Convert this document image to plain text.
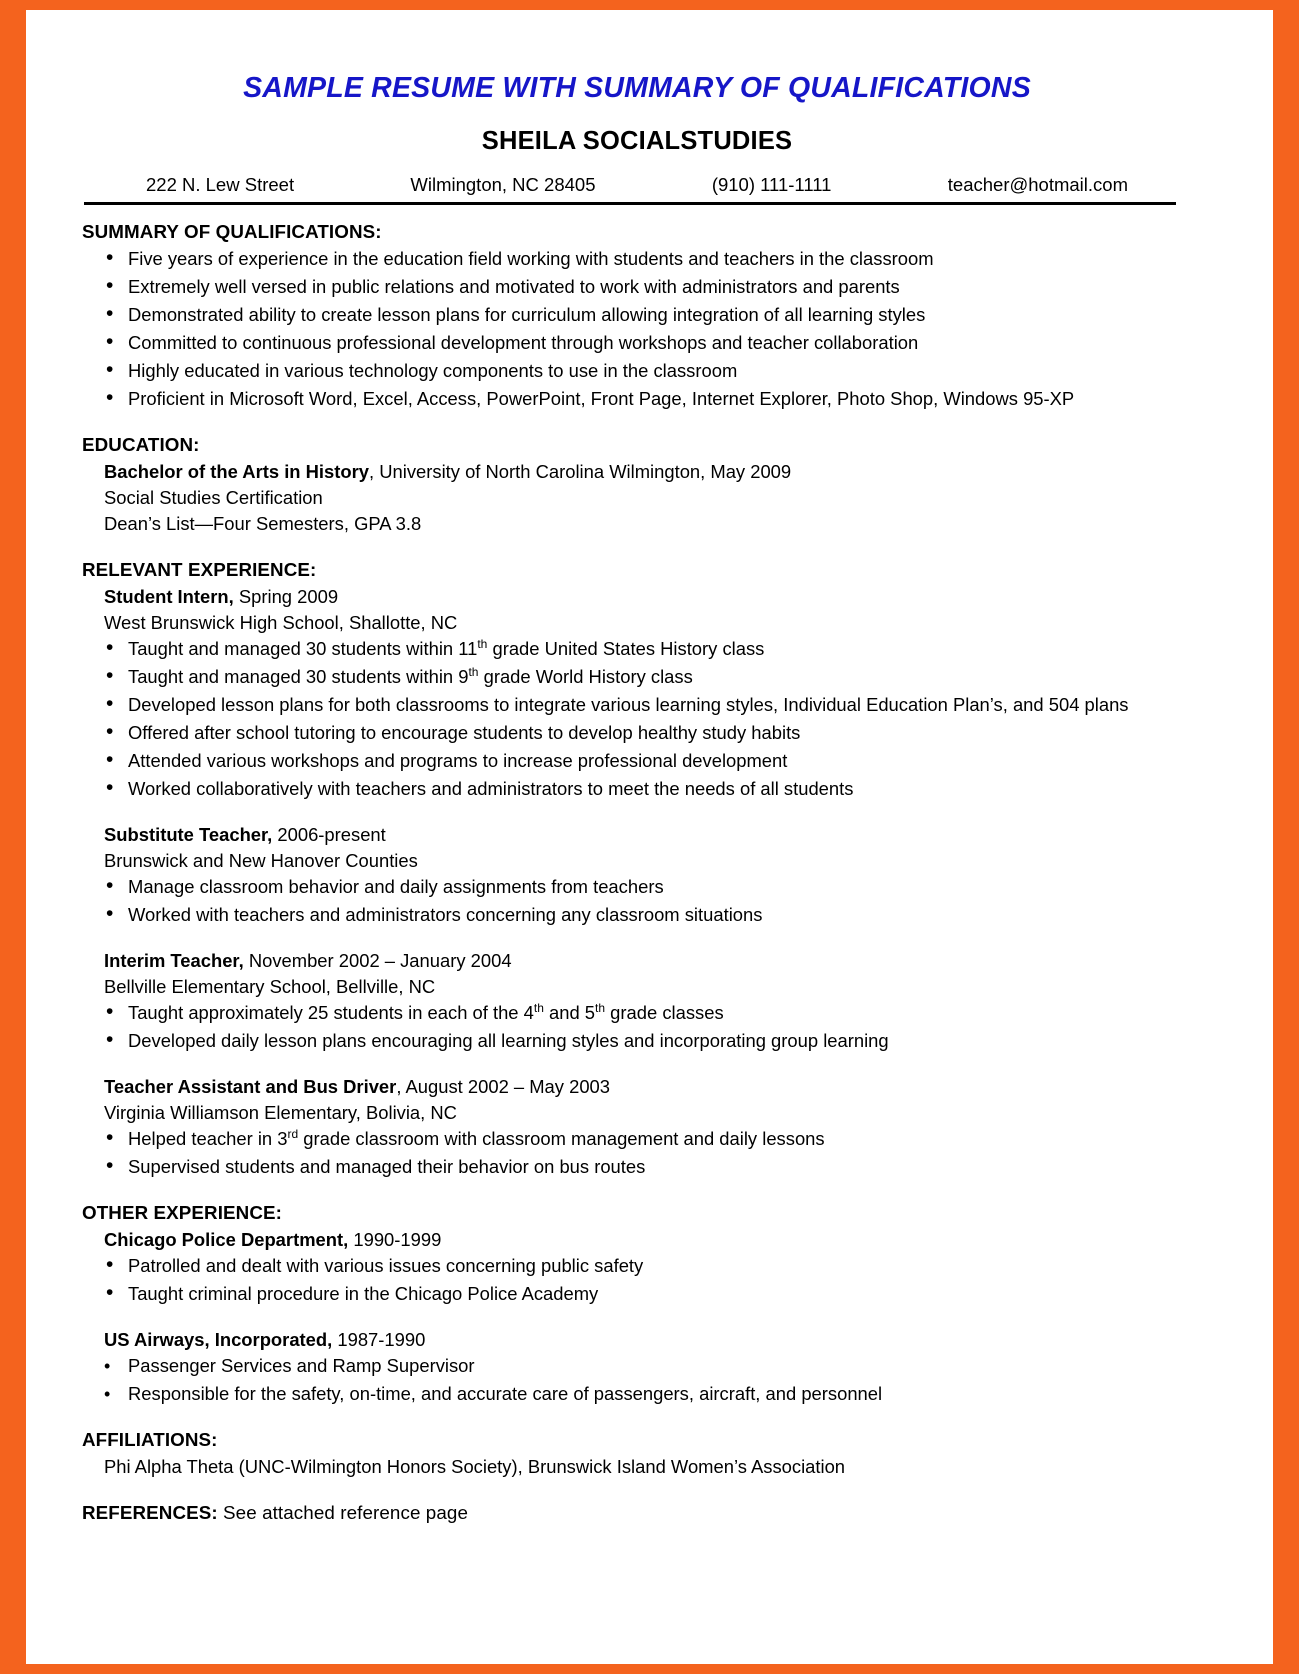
SAMPLE RESUME WITH SUMMARY OF QUALIFICATIONS
SHEILA SOCIALSTUDIES
222 N. Lew Street	Wilmington, NC 28405	(910) 111-1111	teacher@hotmail.com
SUMMARY OF QUALIFICATIONS:
• Five years of experience in the education field working with students and teachers in the classroom
• Extremely well versed in public relations and motivated to work with administrators and parents
• Demonstrated ability to create lesson plans for curriculum allowing integration of all learning styles
• Committed to continuous professional development through workshops and teacher collaboration
• Highly educated in various technology components to use in the classroom
• Proficient in Microsoft Word, Excel, Access, PowerPoint, Front Page, Internet Explorer, Photo Shop, Windows 95-XP
EDUCATION:
Bachelor of the Arts in History, University of North Carolina Wilmington, May 2009
Social Studies Certification
Dean’s List—Four Semesters, GPA 3.8
RELEVANT EXPERIENCE:
Student Intern, Spring 2009
West Brunswick High School, Shallotte, NC
• Taught and managed 30 students within 11th grade United States History class
• Taught and managed 30 students within 9th grade World History class
• Developed lesson plans for both classrooms to integrate various learning styles, Individual Education Plan’s, and 504 plans
• Offered after school tutoring to encourage students to develop healthy study habits
• Attended various workshops and programs to increase professional development
• Worked collaboratively with teachers and administrators to meet the needs of all students
Substitute Teacher, 2006-present
Brunswick and New Hanover Counties
• Manage classroom behavior and daily assignments from teachers
• Worked with teachers and administrators concerning any classroom situations
Interim Teacher, November 2002 – January 2004
Bellville Elementary School, Bellville, NC
• Taught approximately 25 students in each of the 4th and 5th grade classes
• Developed daily lesson plans encouraging all learning styles and incorporating group learning
Teacher Assistant and Bus Driver, August 2002 – May 2003
Virginia Williamson Elementary, Bolivia, NC
• Helped teacher in 3rd grade classroom with classroom management and daily lessons
• Supervised students and managed their behavior on bus routes
OTHER EXPERIENCE:
Chicago Police Department, 1990-1999
• Patrolled and dealt with various issues concerning public safety
• Taught criminal procedure in the Chicago Police Academy
US Airways, Incorporated, 1987-1990
• Passenger Services and Ramp Supervisor
• Responsible for the safety, on-time, and accurate care of passengers, aircraft, and personnel
AFFILIATIONS:
Phi Alpha Theta (UNC-Wilmington Honors Society), Brunswick Island Women’s Association
REFERENCES: See attached reference page
